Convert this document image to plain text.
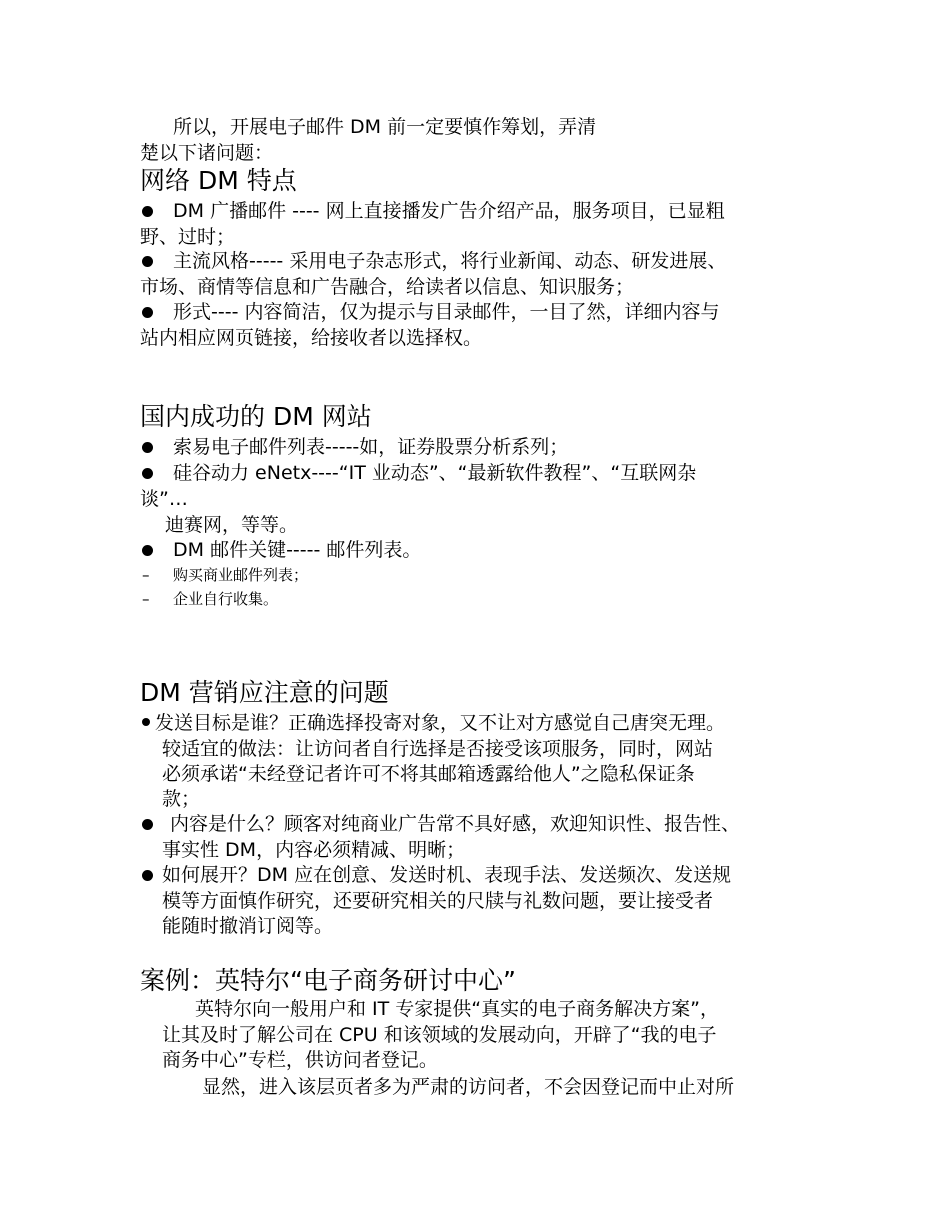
所以，开展电子邮件 DM 前一定要慎作筹划，弄清
楚以下诸问题：
网络 DM 特点
DM 广播邮件 ---- 网上直接播发广告介绍产品，服务项目，已显粗
野、过时；
主流风格----- 采用电子杂志形式，将行业新闻、动态、研发进展、
市场、商情等信息和广告融合，给读者以信息、知识服务；
形式---- 内容简洁，仅为提示与目录邮件，一目了然，详细内容与
站内相应网页链接，给接收者以选择权。
国内成功的 DM 网站
索易电子邮件列表-----如，证券股票分析系列；
硅谷动力 eNetx----“IT 业动态”、“最新软件教程”、“互联网杂
谈”…
迪赛网，等等。
DM 邮件关键----- 邮件列表。
– 购买商业邮件列表；
– 企业自行收集。
DM 营销应注意的问题
发送目标是谁？正确选择投寄对象，又不让对方感觉自己唐突无理。
较适宜的做法：让访问者自行选择是否接受该项服务，同时，网站
必须承诺“未经登记者许可不将其邮箱透露给他人”之隐私保证条
款；
内容是什么？顾客对纯商业广告常不具好感，欢迎知识性、报告性、
事实性 DM，内容必须精减、明晰；
如何展开？DM 应在创意、发送时机、表现手法、发送频次、发送规
模等方面慎作研究，还要研究相关的尺牍与礼数问题，要让接受者
能随时撤消订阅等。
案例：英特尔“电子商务研讨中心”
英特尔向一般用户和 IT 专家提供“真实的电子商务解决方案”，
让其及时了解公司在 CPU 和该领域的发展动向，开辟了“我的电子
商务中心”专栏，供访问者登记。
显然，进入该层页者多为严肃的访问者，不会因登记而中止对所
